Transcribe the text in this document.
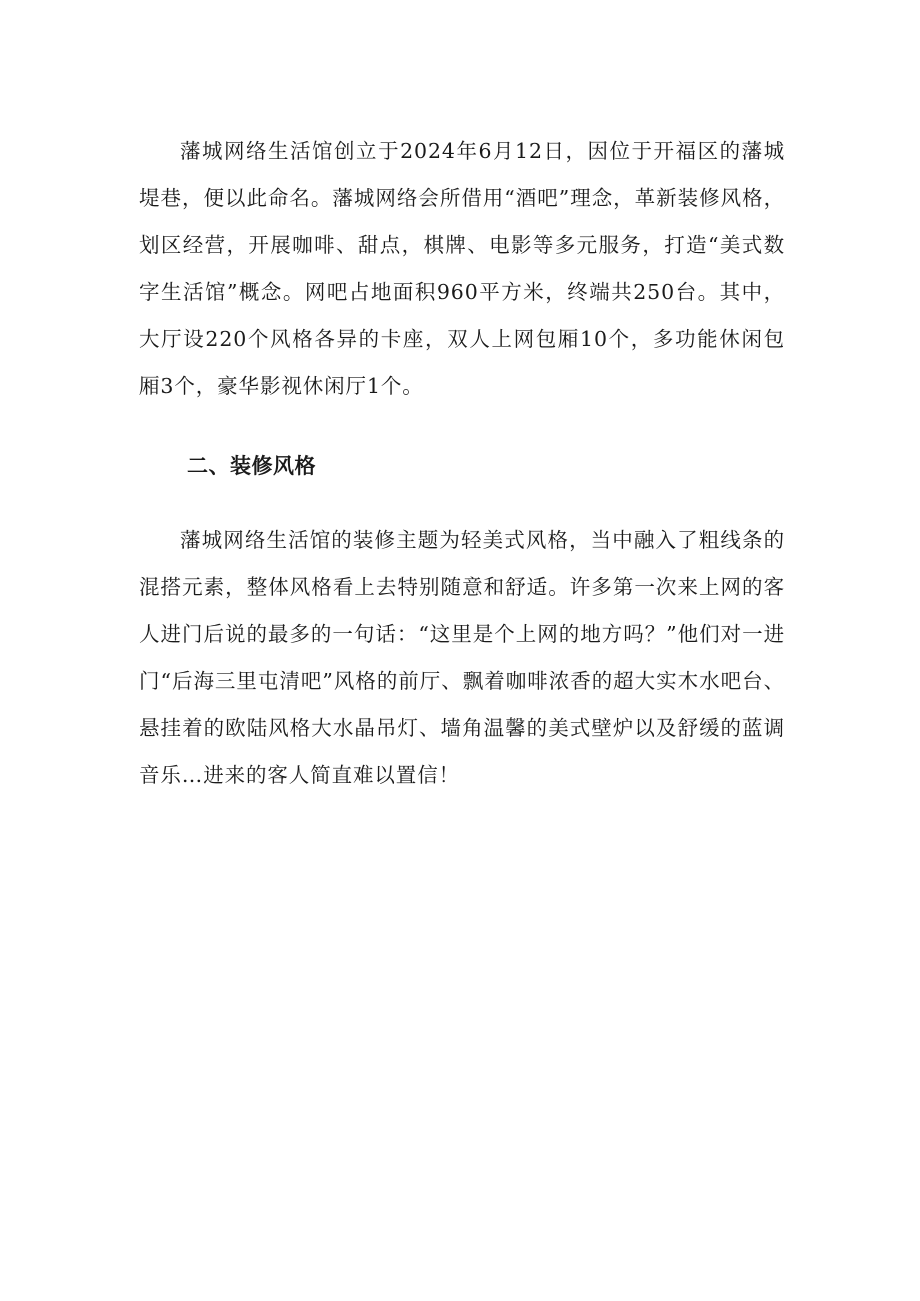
藩城网络生活馆创立于2024年6月12日，因位于开福区的藩城堤巷，便以此命名。藩城网络会所借用“酒吧”理念，革新装修风格，划区经营，开展咖啡、甜点，棋牌、电影等多元服务，打造“美式数字生活馆”概念。网吧占地面积960平方米，终端共250台。其中，大厅设220个风格各异的卡座，双人上网包厢10个，多功能休闲包厢3个，豪华影视休闲厅1个。

二、装修风格

藩城网络生活馆的装修主题为轻美式风格，当中融入了粗线条的混搭元素，整体风格看上去特别随意和舒适。许多第一次来上网的客人进门后说的最多的一句话：“这里是个上网的地方吗？”他们对一进门“后海三里屯清吧”风格的前厅、飘着咖啡浓香的超大实木水吧台、悬挂着的欧陆风格大水晶吊灯、墙角温馨的美式壁炉以及舒缓的蓝调音乐…进来的客人简直难以置信！
